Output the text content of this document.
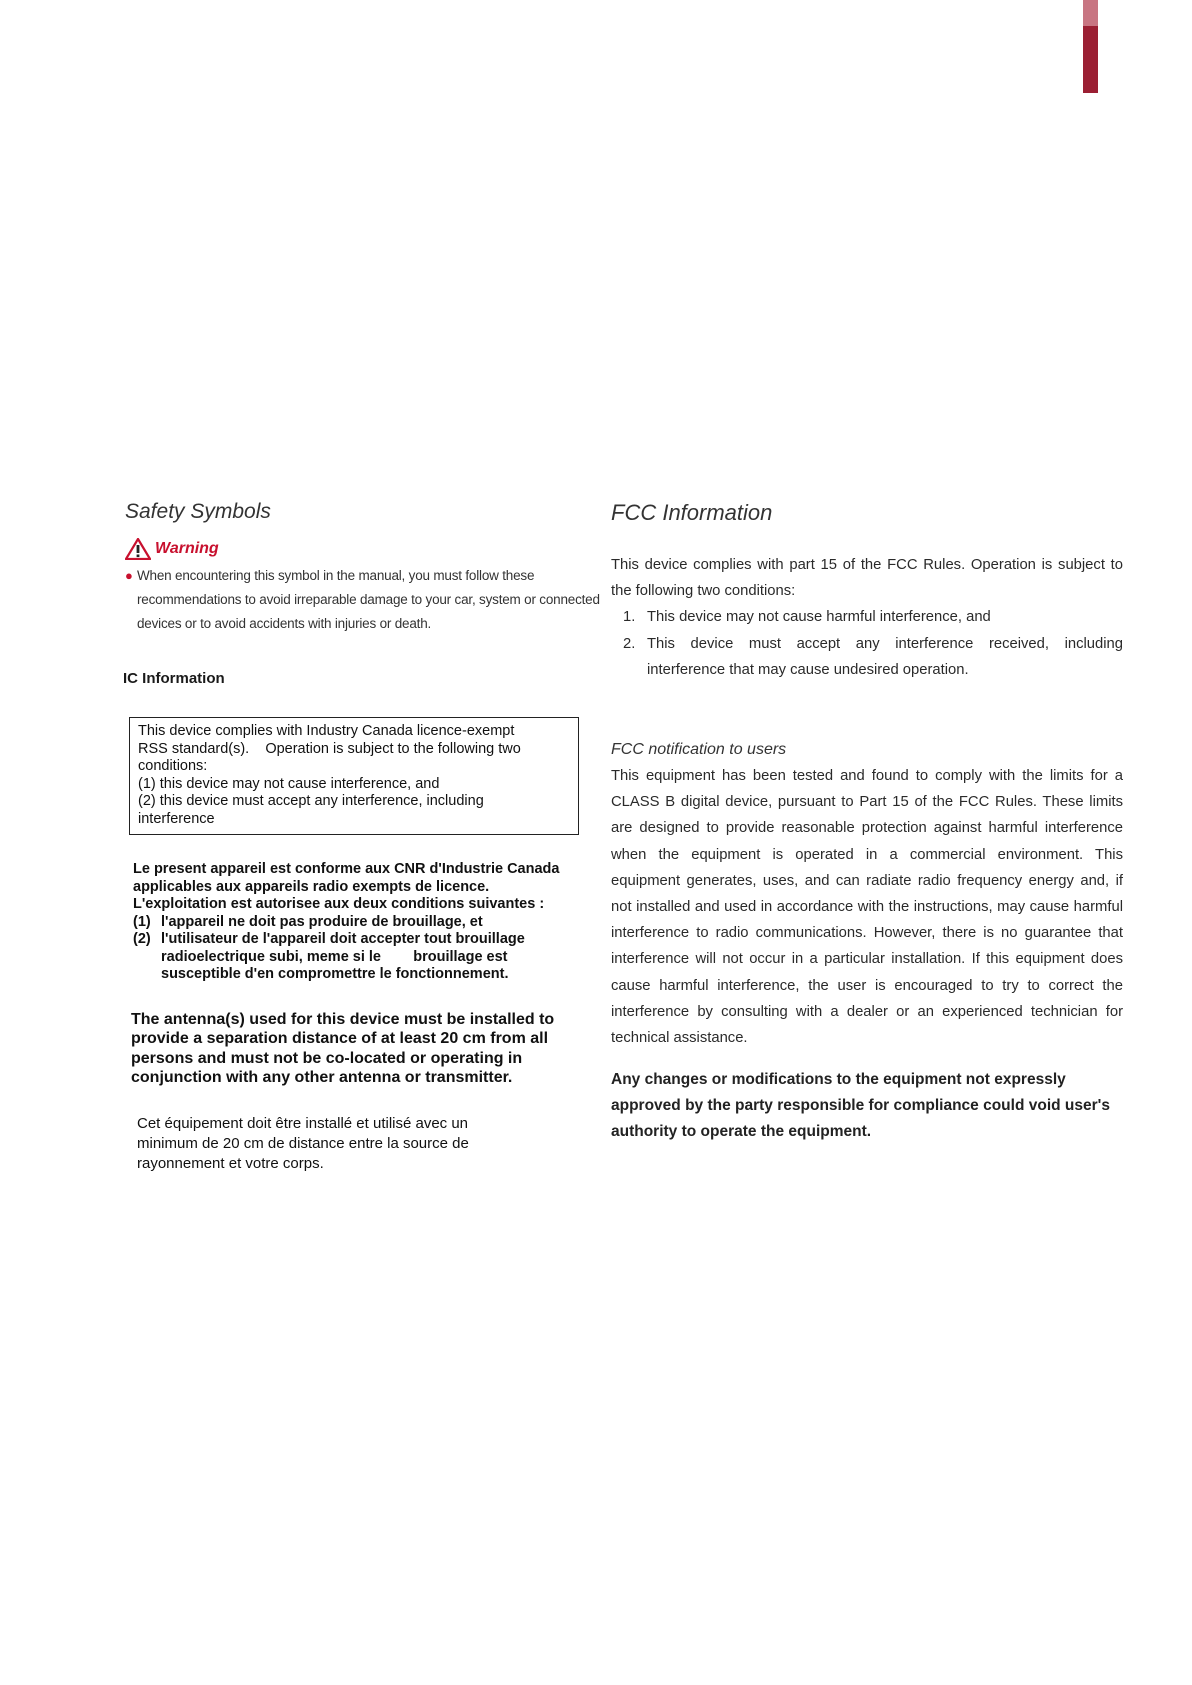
Safety Symbols
Warning
● When encountering this symbol in the manual, you must follow these recommendations to avoid irreparable damage to your car, system or connected devices or to avoid accidents with injuries or death.
IC Information
This device complies with Industry Canada licence-exempt
RSS standard(s).    Operation is subject to the following two
conditions:
(1) this device may not cause interference, and
(2) this device must accept any interference, including
interference
Le present appareil est conforme aux CNR d'Industrie Canada
applicables aux appareils radio exempts de licence.
L'exploitation est autorisee aux deux conditions suivantes :
(1) l'appareil ne doit pas produire de brouillage, et
(2) l'utilisateur de l'appareil doit accepter tout brouillage
radioelectrique subi, meme si le        brouillage est
susceptible d'en compromettre le fonctionnement.
The antenna(s) used for this device must be installed to provide a separation distance of at least 20 cm from all persons and must not be co-located or operating in conjunction with any other antenna or transmitter.
Cet équipement doit être installé et utilisé avec un
minimum de 20 cm de distance entre la source de
rayonnement et votre corps.
FCC Information

This device complies with part 15 of the FCC Rules. Operation is subject to the following two conditions:

1. This device may not cause harmful interference, and
2. This device must accept any interference received, including interference that may cause undesired operation.
FCC notification to users

This equipment has been tested and found to comply with the limits for a CLASS B digital device, pursuant to Part 15 of the FCC Rules. These limits are designed to provide reasonable protection against harmful interference when the equipment is operated in a commercial environment. This equipment generates, uses, and can radiate radio frequency energy and, if not installed and used in accordance with the instructions, may cause harmful interference to radio communications. However, there is no guarantee that interference will not occur in a particular installation. If this equipment does cause harmful interference, the user is encouraged to try to correct the interference by consulting with a dealer or an experienced technician for technical assistance.

Any changes or modifications to the equipment not expressly approved by the party responsible for compliance could void user's authority to operate the equipment.
